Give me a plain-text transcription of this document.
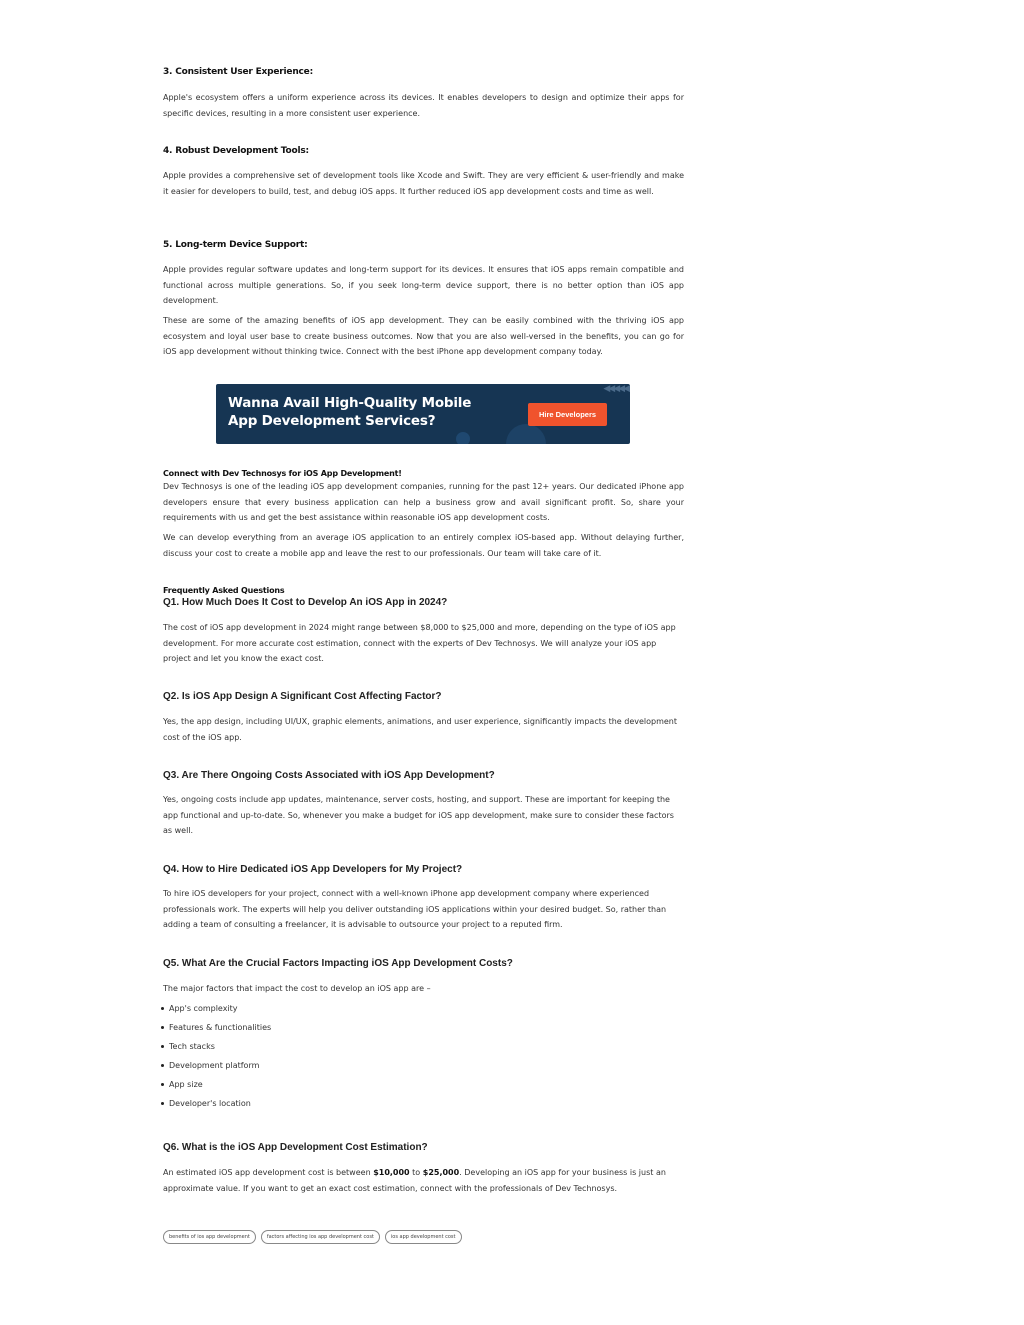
3. Consistent User Experience:

Apple's ecosystem offers a uniform experience across its devices. It enables developers to design and optimize their apps for specific devices, resulting in a more consistent user experience.

4. Robust Development Tools:

Apple provides a comprehensive set of development tools like Xcode and Swift. They are very efficient & user-friendly and make it easier for developers to build, test, and debug iOS apps. It further reduced iOS app development costs and time as well.

5. Long-term Device Support:

Apple provides regular software updates and long-term support for its devices. It ensures that iOS apps remain compatible and functional across multiple generations. So, if you seek long-term device support, there is no better option than iOS app development.

These are some of the amazing benefits of iOS app development. They can be easily combined with the thriving iOS app ecosystem and loyal user base to create business outcomes. Now that you are also well-versed in the benefits, you can go for iOS app development without thinking twice. Connect with the best iPhone app development company today.

Connect with Dev Technosys for iOS App Development!

Dev Technosys is one of the leading iOS app development companies, running for the past 12+ years. Our dedicated iPhone app developers ensure that every business application can help a business grow and avail significant profit. So, share your requirements with us and get the best assistance within reasonable iOS app development costs.

We can develop everything from an average iOS application to an entirely complex iOS-based app. Without delaying further, discuss your cost to create a mobile app and leave the rest to our professionals. Our team will take care of it.

Frequently Asked Questions
Q1. How Much Does It Cost to Develop An iOS App in 2024?

The cost of iOS app development in 2024 might range between $8,000 to $25,000 and more, depending on the type of iOS app development. For more accurate cost estimation, connect with the experts of Dev Technosys. We will analyze your iOS app project and let you know the exact cost.

Q2. Is iOS App Design A Significant Cost Affecting Factor?

Yes, the app design, including UI/UX, graphic elements, animations, and user experience, significantly impacts the development cost of the iOS app.

Q3. Are There Ongoing Costs Associated with iOS App Development?

Yes, ongoing costs include app updates, maintenance, server costs, hosting, and support. These are important for keeping the app functional and up-to-date. So, whenever you make a budget for iOS app development, make sure to consider these factors as well.

Q4. How to Hire Dedicated iOS App Developers for My Project?

To hire iOS developers for your project, connect with a well-known iPhone app development company where experienced professionals work. The experts will help you deliver outstanding iOS applications within your desired budget. So, rather than adding a team of consulting a freelancer, it is advisable to outsource your project to a reputed firm.

Q5. What Are the Crucial Factors Impacting iOS App Development Costs?

The major factors that impact the cost to develop an iOS app are –

App's complexity
Features & functionalities
Tech stacks
Development platform
App size
Developer's location
Q6. What is the iOS App Development Cost Estimation?

An estimated iOS app development cost is between $10,000 to $25,000. Developing an iOS app for your business is just an approximate value. If you want to get an exact cost estimation, connect with the professionals of Dev Technosys.

◀◀◀◀◀
Wanna Avail High-Quality Mobile
App Development Services?	Hire Developers
benefits of ios app development	factors affecting ios app development cost	ios app development cost
